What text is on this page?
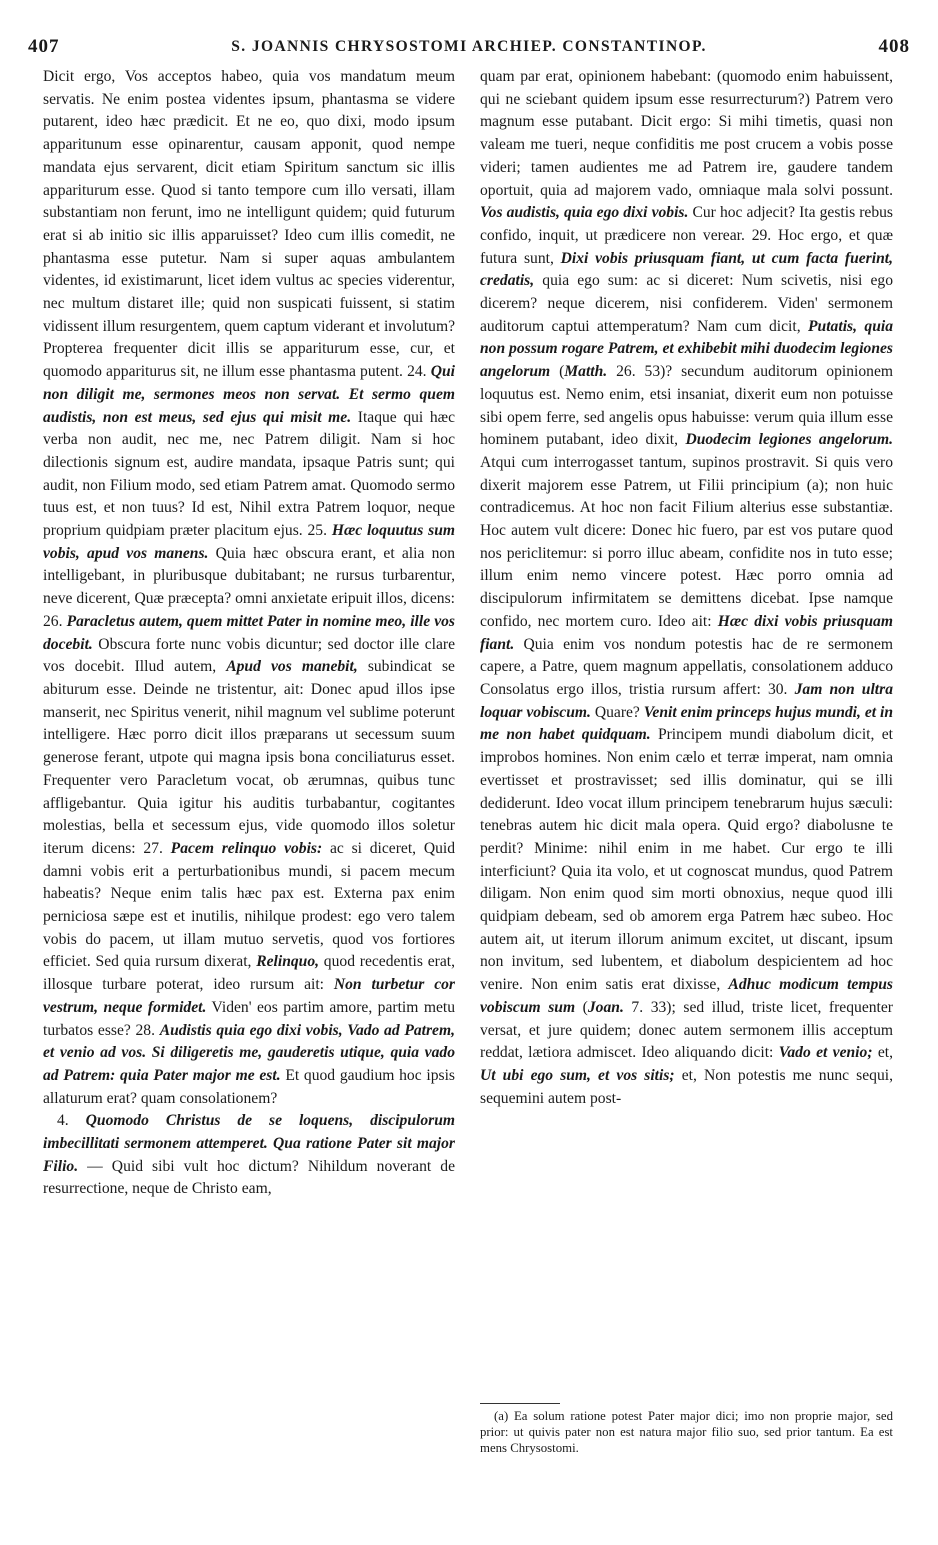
407	S. JOANNIS CHRYSOSTOMI ARCHIEP. CONSTANTINOP.	408

Dicit ergo, Vos acceptos habeo, quia vos mandatum meum servatis. Ne enim postea videntes ipsum, phantasma se videre putarent, ideo hæc prædicit. Et ne eo, quo dixi, modo ipsum apparitunum esse opinarentur, causam apponit, quod nempe mandata ejus servarent, dicit etiam Spiritum sanctum sic illis appariturum esse. Quod si tanto tempore cum illo versati, illam substantiam non ferunt, imo ne intelligunt quidem; quid futurum erat si ab initio sic illis apparuisset? Ideo cum illis comedit, ne phantasma esse putetur. Nam si super aquas ambulantem videntes, id existimarunt, licet idem vultus ac species viderentur, nec multum distaret ille; quid non suspicati fuissent, si statim vidissent illum resurgentem, quem captum viderant et involutum? Propterea frequenter dicit illis se appariturum esse, cur, et quomodo appariturus sit, ne illum esse phantasma putent. 24. Qui non diligit me, sermones meos non servat. Et sermo quem audistis, non est meus, sed ejus qui misit me. Itaque qui hæc verba non audit, nec me, nec Patrem diligit. Nam si hoc dilectionis signum est, audire mandata, ipsaque Patris sunt; qui audit, non Filium modo, sed etiam Patrem amat. Quomodo sermo tuus est, et non tuus? Id est, Nihil extra Patrem loquor, neque proprium quidpiam præter placitum ejus. 25. Hæc loquutus sum vobis, apud vos manens. Quia hæc obscura erant, et alia non intelligebant, in pluribusque dubitabant; ne rursus turbarentur, neve dicerent, Quæ præcepta? omni anxietate eripuit illos, dicens: 26. Paracletus autem, quem mittet Pater in nomine meo, ille vos docebit. Obscura forte nunc vobis dicuntur; sed doctor ille clare vos docebit. Illud autem, Apud vos manebit, subindicat se abiturum esse. Deinde ne tristentur, ait: Donec apud illos ipse manserit, nec Spiritus venerit, nihil magnum vel sublime poterunt intelligere. Hæc porro dicit illos præparans ut secessum suum generose ferant, utpote qui magna ipsis bona conciliaturus esset. Frequenter vero Paracletum vocat, ob ærumnas, quibus tunc affligebantur. Quia igitur his auditis turbabantur, cogitantes molestias, bella et secessum ejus, vide quomodo illos soletur iterum dicens: 27. Pacem relinquo vobis: ac si diceret, Quid damni vobis erit a perturbationibus mundi, si pacem mecum habeatis? Neque enim talis hæc pax est. Externa pax enim perniciosa sæpe est et inutilis, nihilque prodest: ego vero talem vobis do pacem, ut illam mutuo servetis, quod vos fortiores efficiet. Sed quia rursum dixerat, Relinquo, quod recedentis erat, illosque turbare poterat, ideo rursum ait: Non turbetur cor vestrum, neque formidet. Viden' eos partim amore, partim metu turbatos esse? 28. Audistis quia ego dixi vobis, Vado ad Patrem, et venio ad vos. Si diligeretis me, gauderetis utique, quia vado ad Patrem: quia Pater major me est. Et quod gaudium hoc ipsis allaturum erat? quam consolationem?

4. Quomodo Christus de se loquens, discipulorum imbecillitati sermonem attemperet. Qua ratione Pater sit major Filio. — Quid sibi vult hoc dictum? Nihildum noverant de resurrectione, neque de Christo eam,

quam par erat, opinionem habebant: (quomodo enim habuissent, qui ne sciebant quidem ipsum esse resurrecturum?) Patrem vero magnum esse putabant. Dicit ergo: Si mihi timetis, quasi non valeam me tueri, neque confiditis me post crucem a vobis posse videri; tamen audientes me ad Patrem ire, gaudere tandem oportuit, quia ad majorem vado, omniaque mala solvi possunt. Vos audistis, quia ego dixi vobis. Cur hoc adjecit? Ita gestis rebus confido, inquit, ut prædicere non verear. 29. Hoc ergo, et quæ futura sunt, Dixi vobis priusquam fiant, ut cum facta fuerint, credatis, quia ego sum: ac si diceret: Num scivetis, nisi ego dicerem? neque dicerem, nisi confiderem. Viden' sermonem auditorum captui attemperatum? Nam cum dicit, Putatis, quia non possum rogare Patrem, et exhibebit mihi duodecim legiones angelorum (Matth. 26. 53)? secundum auditorum opinionem loquutus est. Nemo enim, etsi insaniat, dixerit eum non potuisse sibi opem ferre, sed angelis opus habuisse: verum quia illum esse hominem putabant, ideo dixit, Duodecim legiones angelorum. Atqui cum interrogasset tantum, supinos prostravit. Si quis vero dixerit majorem esse Patrem, ut Filii principium (a); non huic contradicemus. At hoc non facit Filium alterius esse substantiæ. Hoc autem vult dicere: Donec hic fuero, par est vos putare quod nos periclitemur: si porro illuc abeam, confidite nos in tuto esse; illum enim nemo vincere potest. Hæc porro omnia ad discipulorum infirmitatem se demittens dicebat. Ipse namque confido, nec mortem curo. Ideo ait: Hæc dixi vobis priusquam fiant. Quia enim vos nondum potestis hac de re sermonem capere, a Patre, quem magnum appellatis, consolationem adduco Consolatus ergo illos, tristia rursum affert: 30. Jam non ultra loquar vobiscum. Quare? Venit enim princeps hujus mundi, et in me non habet quidquam. Principem mundi diabolum dicit, et improbos homines. Non enim cælo et terræ imperat, nam omnia evertisset et prostravisset; sed illis dominatur, qui se illi dediderunt. Ideo vocat illum principem tenebrarum hujus sæculi: tenebras autem hic dicit mala opera. Quid ergo? diabolusne te perdit? Minime: nihil enim in me habet. Cur ergo te illi interficiunt? Quia ita volo, et ut cognoscat mundus, quod Patrem diligam. Non enim quod sim morti obnoxius, neque quod illi quidpiam debeam, sed ob amorem erga Patrem hæc subeo. Hoc autem ait, ut iterum illorum animum excitet, ut discant, ipsum non invitum, sed lubentem, et diabolum despicientem ad hoc venire. Non enim satis erat dixisse, Adhuc modicum tempus vobiscum sum (Joan. 7. 33); sed illud, triste licet, frequenter versat, et jure quidem; donec autem sermonem illis acceptum reddat, lætiora admiscet. Ideo aliquando dicit: Vado et venio; et, Ut ubi ego sum, et vos sitis; et, Non potestis me nunc sequi, sequemini autem post-

(a) Ea solum ratione potest Pater major dici; imo non proprie major, sed prior: ut quivis pater non est natura major filio suo, sed prior tantum. Ea est mens Chrysostomi.
